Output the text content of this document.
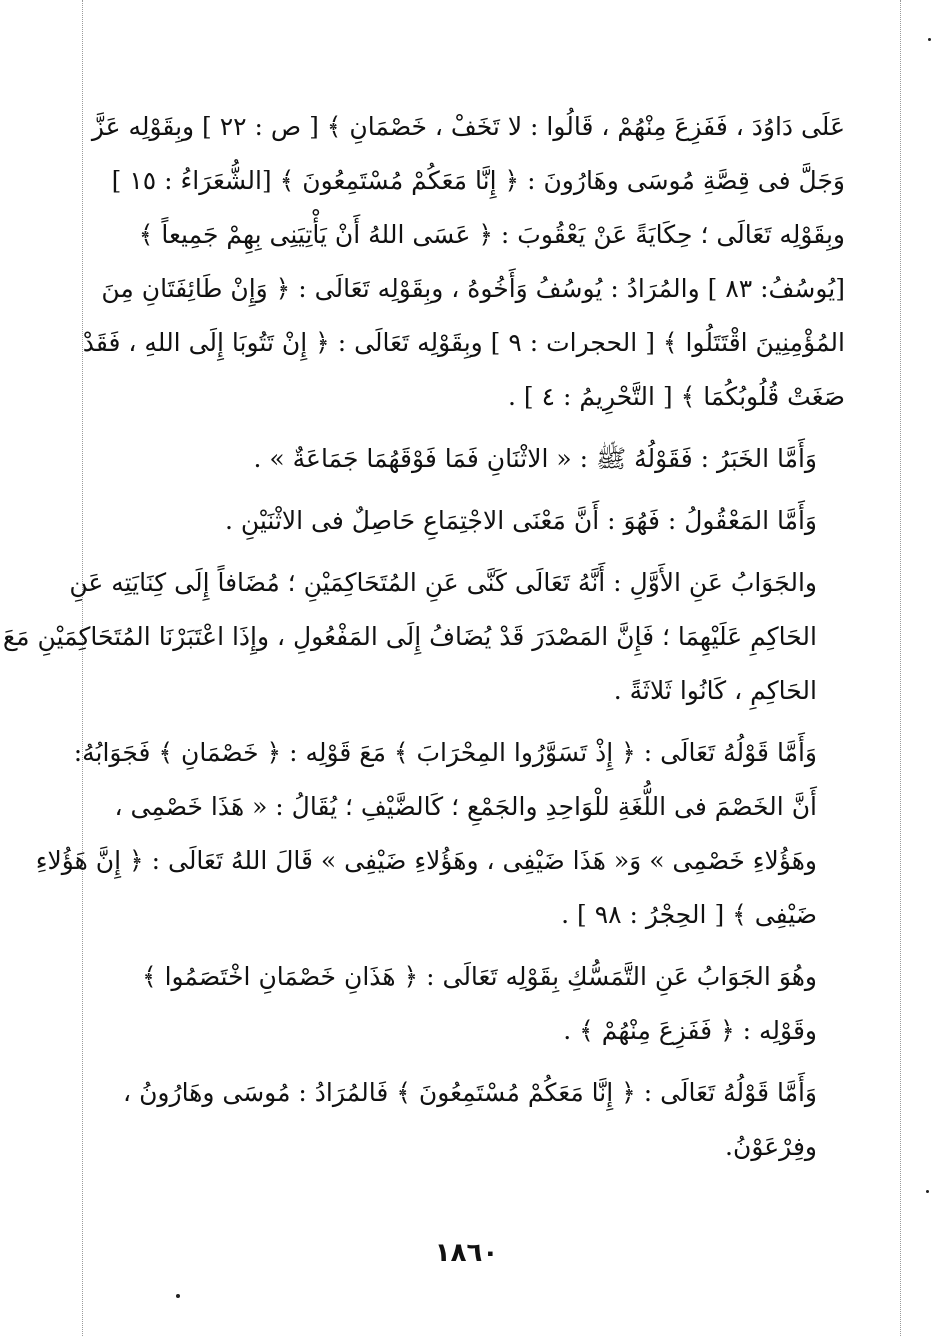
عَلَى دَاوُدَ ، فَفَزِعَ مِنْهُمْ ، قَالُوا : لا تَخَفْ ، خَصْمَانِ ﴾ [ ص : ٢٢ ] وبِقَوْلِه عَزَّ
وَجَلَّ فى قِصَّةِ مُوسَى وهَارُونَ : ﴿ إِنَّا مَعَكُمْ مُسْتَمِعُونَ ﴾ [الشُّعَرَاءُ : ١٥ ]
وبِقَوْلِه تَعَالَى ؛ حِكَايَةً عَنْ يَعْقُوبَ : ﴿ عَسَى اللهُ أَنْ يَأْتِيَنِى بِهِمْ جَمِيعاً ﴾
[يُوسُفُ: ٨٣ ] والمُرَادُ : يُوسُفُ وَأَخُوهُ ، وبِقَوْلِه تَعَالَى : ﴿ وَإِنْ طَائِفَتَانِ مِنَ
المُؤْمِنِينَ اقْتَتَلُوا ﴾ [ الحجرات : ٩ ] وبِقَوْلِه تَعَالَى : ﴿ إِنْ تَتُوبَا إِلَى اللهِ ، فَقَدْ
صَغَتْ قُلُوبُكُمَا ﴾ [ التَّحْرِيمُ : ٤ ] .
وَأَمَّا الخَبَرُ : فَقَوْلُهُ ﷺ : « الاثْنَانِ فَمَا فَوْقَهُمَا جَمَاعَةٌ » .
وَأَمَّا المَعْقُولُ : فَهُوَ : أَنَّ مَعْنَى الاجْتِمَاعِ حَاصِلٌ فى الاثْنَيْنِ .
والجَوَابُ عَنِ الأَوَّلِ : أَنَّهُ تَعَالَى كَنَّى عَنِ المُتَحَاكِمَيْنِ ؛ مُضَافاً إِلَى كِنَايَتِه عَنِ
الحَاكِمِ عَلَيْهِمَا ؛ فَإِنَّ المَصْدَرَ قَدْ يُضَافُ إِلَى المَفْعُولِ ، وإِذَا اعْتَبَرْنَا المُتَحَاكِمَيْنِ مَعَ
الحَاكِمِ ، كَانُوا ثَلاثَةً .
وَأَمَّا قَوْلُهُ تَعَالَى : ﴿ إِذْ تَسَوَّرُوا المِحْرَابَ ﴾ مَعَ قَوْلِه : ﴿ خَصْمَانِ ﴾ فَجَوَابُهُ:
أَنَّ الخَصْمَ فى اللُّغَةِ للْوَاحِدِ والجَمْعِ ؛ كَالضَّيْفِ ؛ يُقَالُ : « هَذَا خَصْمِى ،
وهَؤُلاءِ خَصْمِى » وَ« هَذَا ضَيْفِى ، وهَؤُلاءِ ضَيْفِى » قَالَ اللهُ تَعَالَى : ﴿ إِنَّ هَؤُلاءِ
ضَيْفِى ﴾ [ الحِجْرُ : ٩٨ ] .
وهُوَ الجَوَابُ عَنِ التَّمَسُّكِ بِقَوْلِه تَعَالَى : ﴿ هَذَانِ خَصْمَانِ اخْتَصَمُوا ﴾
وقَوْلِه : ﴿ فَفَزِعَ مِنْهُمْ ﴾ .
وَأَمَّا قَوْلُهُ تَعَالَى : ﴿ إِنَّا مَعَكُمْ مُسْتَمِعُونَ ﴾ فَالمُرَادُ : مُوسَى وهَارُونُ ،
وفِرْعَوْنُ.
١٨٦٠
